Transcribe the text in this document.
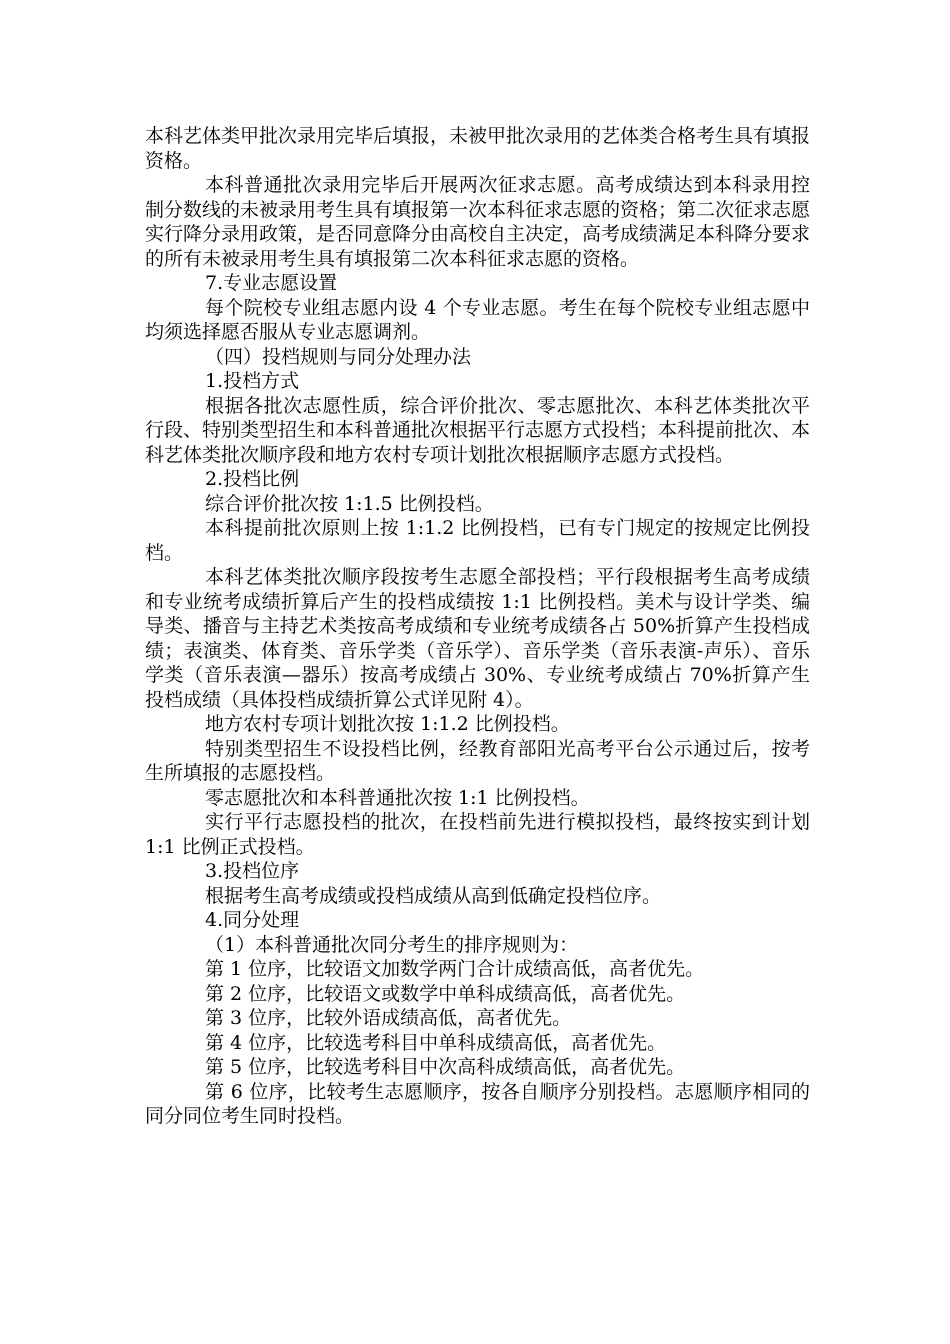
本科艺体类甲批次录用完毕后填报，未被甲批次录用的艺体类合格考生具有填报资格。

本科普通批次录用完毕后开展两次征求志愿。高考成绩达到本科录用控制分数线的未被录用考生具有填报第一次本科征求志愿的资格；第二次征求志愿实行降分录用政策，是否同意降分由高校自主决定，高考成绩满足本科降分要求的所有未被录用考生具有填报第二次本科征求志愿的资格。

7.专业志愿设置

每个院校专业组志愿内设 4 个专业志愿。考生在每个院校专业组志愿中均须选择愿否服从专业志愿调剂。

（四）投档规则与同分处理办法

1.投档方式

根据各批次志愿性质，综合评价批次、零志愿批次、本科艺体类批次平行段、特别类型招生和本科普通批次根据平行志愿方式投档；本科提前批次、本科艺体类批次顺序段和地方农村专项计划批次根据顺序志愿方式投档。

2.投档比例

综合评价批次按 1:1.5 比例投档。

本科提前批次原则上按 1:1.2 比例投档，已有专门规定的按规定比例投档。

本科艺体类批次顺序段按考生志愿全部投档；平行段根据考生高考成绩和专业统考成绩折算后产生的投档成绩按 1:1 比例投档。美术与设计学类、编导类、播音与主持艺术类按高考成绩和专业统考成绩各占 50%折算产生投档成绩；表演类、体育类、音乐学类（音乐学）、音乐学类（音乐表演-声乐）、音乐学类（音乐表演—器乐）按高考成绩占 30%、专业统考成绩占 70%折算产生投档成绩（具体投档成绩折算公式详见附 4）。

地方农村专项计划批次按 1:1.2 比例投档。

特别类型招生不设投档比例，经教育部阳光高考平台公示通过后，按考生所填报的志愿投档。

零志愿批次和本科普通批次按 1:1 比例投档。

实行平行志愿投档的批次，在投档前先进行模拟投档，最终按实到计划 1:1 比例正式投档。

3.投档位序

根据考生高考成绩或投档成绩从高到低确定投档位序。

4.同分处理

（1）本科普通批次同分考生的排序规则为：

第 1 位序，比较语文加数学两门合计成绩高低，高者优先。

第 2 位序，比较语文或数学中单科成绩高低，高者优先。

第 3 位序，比较外语成绩高低，高者优先。

第 4 位序，比较选考科目中单科成绩高低，高者优先。

第 5 位序，比较选考科目中次高科成绩高低，高者优先。

第 6 位序，比较考生志愿顺序，按各自顺序分别投档。志愿顺序相同的同分同位考生同时投档。
